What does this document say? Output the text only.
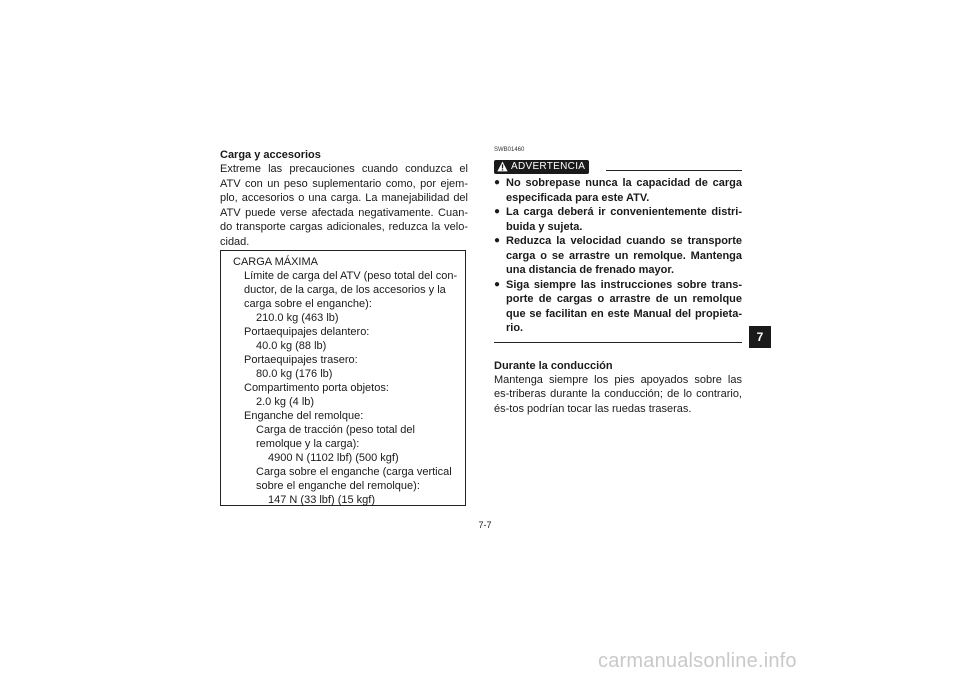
Carga y accesorios
Extreme las precauciones cuando conduzca el ATV con un peso suplementario como, por ejem-plo, accesorios o una carga. La manejabilidad del ATV puede verse afectada negativamente. Cuan-do transporte cargas adicionales, reduzca la velo-cidad.
CARGA MÁXIMA
Límite de carga del ATV (peso total del con-ductor, de la carga, de los accesorios y la carga sobre el enganche):
210.0 kg (463 lb)
Portaequipajes delantero:
40.0 kg (88 lb)
Portaequipajes trasero:
80.0 kg (176 lb)
Compartimento porta objetos:
2.0 kg (4 lb)
Enganche del remolque:
Carga de tracción (peso total del remolque y la carga):
4900 N (1102 lbf) (500 kgf)
Carga sobre el enganche (carga vertical sobre el enganche del remolque):
147 N (33 lbf) (15 kgf)
SWB01460
ADVERTENCIA
● No sobrepase nunca la capacidad de carga especificada para este ATV.
● La carga deberá ir convenientemente distri-buida y sujeta.
● Reduzca la velocidad cuando se transporte carga o se arrastre un remolque. Mantenga una distancia de frenado mayor.
● Siga siempre las instrucciones sobre trans-porte de cargas o arrastre de un remolque que se facilitan en este Manual del propieta-rio.
Durante la conducción
Mantenga siempre los pies apoyados sobre las es-triberas durante la conducción; de lo contrario, és-tos podrían tocar las ruedas traseras.
7
7-7
carmanualsonline.info
